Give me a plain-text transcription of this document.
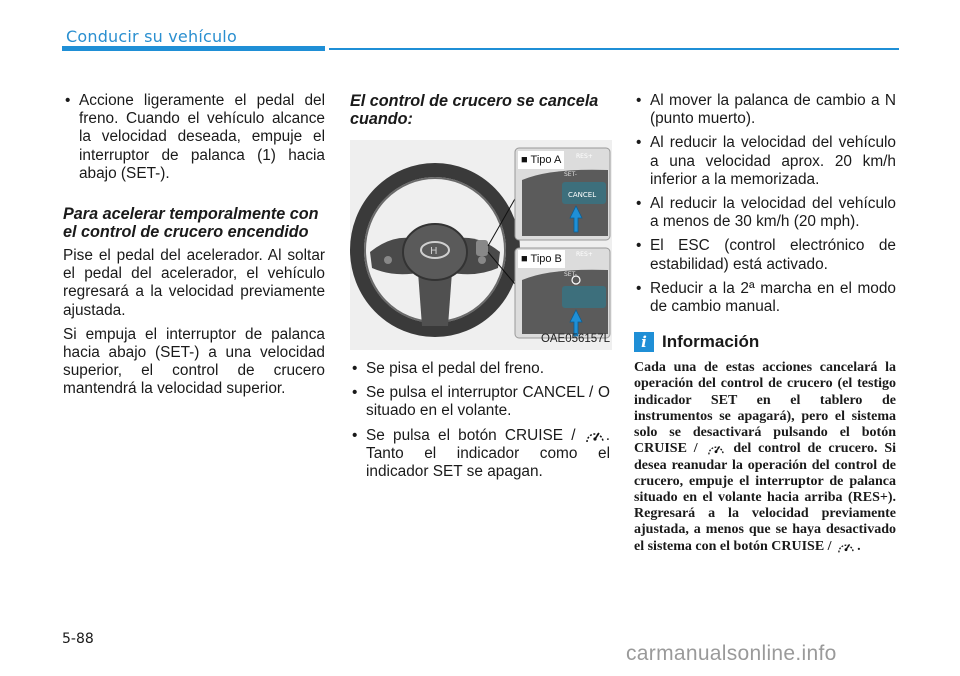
Conducir su vehículo
• Accione ligeramente el pedal del freno. Cuando el vehículo alcance la velocidad deseada, empuje el interruptor de palanca (1) hacia abajo (SET-).
Para acelerar temporalmente con el control de crucero encendido

Pise el pedal del acelerador. Al soltar el pedal del acelerador, el vehículo regresará a la velocidad previamente ajustada.

Si empuja el interruptor de palanca hacia abajo (SET-) a una velocidad superior, el control de crucero mantendrá la velocidad superior.

El control de crucero se cancela cuando:
H
CANCEL
SET-
RES+
SET-
RES+
■ Tipo A
■ Tipo B
OAE056157L
• Se pisa el pedal del freno.
• Se pulsa el interruptor CANCEL / O situado en el volante.
• Se pulsa el botón CRUISE / . Tanto el indicador como el indicador SET se apagan.
• Al mover la palanca de cambio a N (punto muerto).
• Al reducir la velocidad del vehículo a una velocidad aprox. 20 km/h inferior a la memorizada.
• Al reducir la velocidad del vehículo a menos de 30 km/h (20 mph).
• El ESC (control electrónico de estabilidad) está activado.
• Reducir a la 2ª marcha en el modo de cambio manual.
i Información
Cada una de estas acciones cancelará la operación del control de crucero (el testigo indicador SET en el tablero de instrumentos se apagará), pero el sistema solo se desactivará pulsando el botón CRUISE /	del control de crucero. Si desea reanudar la operación del control de crucero, empuje el interruptor de palanca situado en el volante hacia arriba (RES+). Regresará a la velocidad previamente ajustada, a menos que se haya desactivado el sistema con el botón CRUISE / .
5-88
carmanualsonline.info
